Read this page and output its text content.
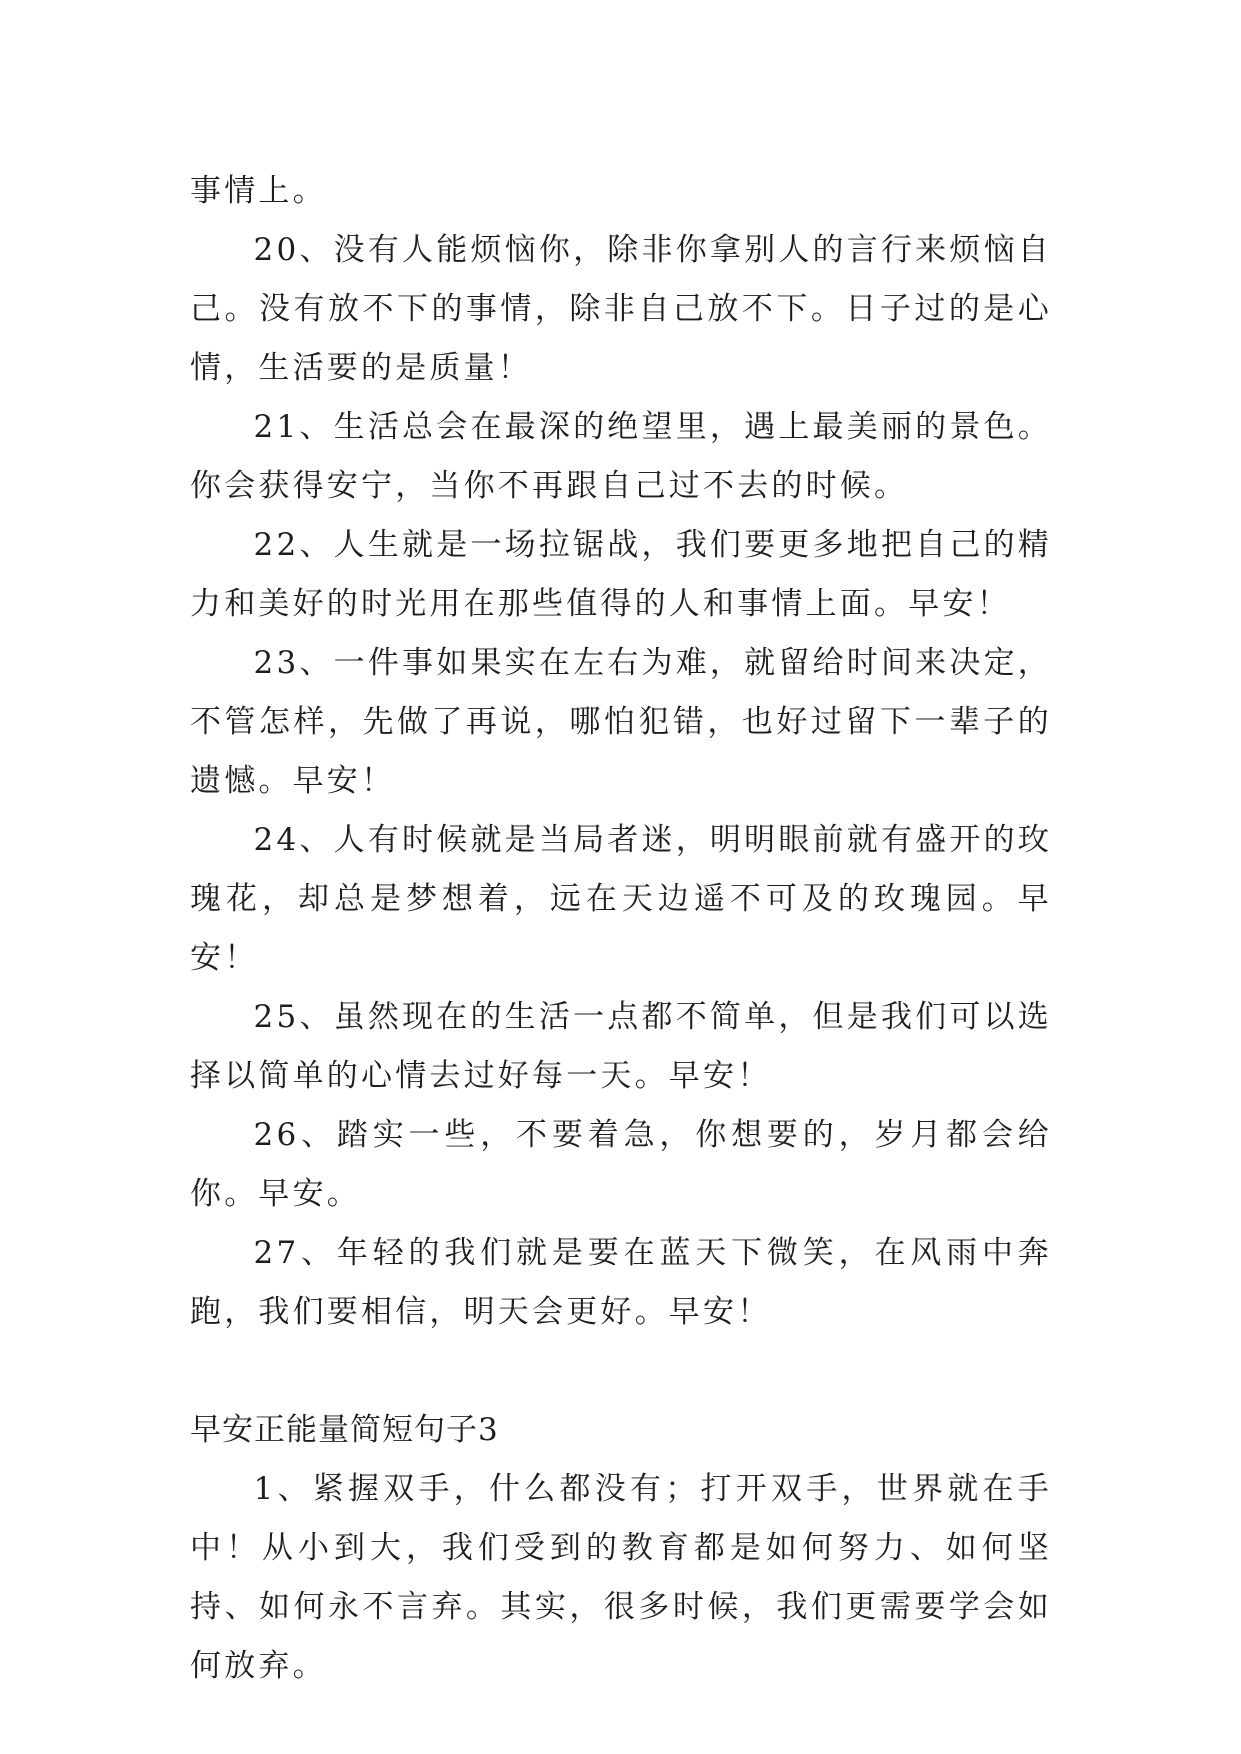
事情上。

20、没有人能烦恼你，除非你拿别人的言行来烦恼自己。没有放不下的事情，除非自己放不下。日子过的是心情，生活要的是质量！

21、生活总会在最深的绝望里，遇上最美丽的景色。你会获得安宁，当你不再跟自己过不去的时候。

22、人生就是一场拉锯战，我们要更多地把自己的精力和美好的时光用在那些值得的人和事情上面。早安！

23、一件事如果实在左右为难，就留给时间来决定，不管怎样，先做了再说，哪怕犯错，也好过留下一辈子的遗憾。早安！

24、人有时候就是当局者迷，明明眼前就有盛开的玫瑰花，却总是梦想着，远在天边遥不可及的玫瑰园。早安！

25、虽然现在的生活一点都不简单，但是我们可以选择以简单的心情去过好每一天。早安！

26、踏实一些，不要着急，你想要的，岁月都会给你。早安。

27、年轻的我们就是要在蓝天下微笑，在风雨中奔跑，我们要相信，明天会更好。早安！

早安正能量简短句子3

1、紧握双手，什么都没有；打开双手，世界就在手中！从小到大，我们受到的教育都是如何努力、如何坚持、如何永不言弃。其实，很多时候，我们更需要学会如何放弃。
